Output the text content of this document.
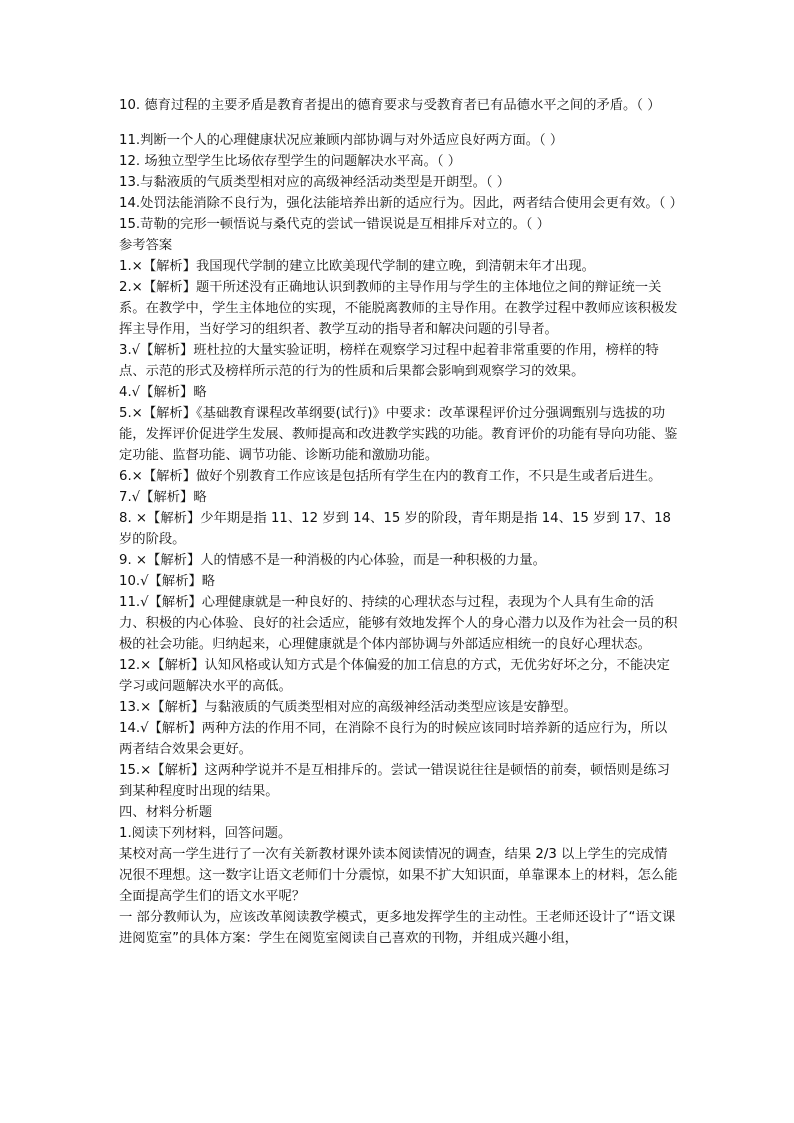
10. 德育过程的主要矛盾是教育者提出的德育要求与受教育者已有品德水平之间的矛盾。（ ）
11.判断一个人的心理健康状况应兼顾内部协调与对外适应良好两方面。（ ）
12. 场独立型学生比场依存型学生的问题解决水平高。（ ）
13.与黏液质的气质类型相对应的高级神经活动类型是开朗型。（ ）
14.处罚法能消除不良行为，强化法能培养出新的适应行为。因此，两者结合使用会更有效。（ ）
15.苛勒的完形一顿悟说与桑代克的尝试一错误说是互相排斥对立的。（ ）
参考答案
1.×【解析】我国现代学制的建立比欧美现代学制的建立晚，到清朝末年才出现。
2.×【解析】题干所述没有正确地认识到教师的主导作用与学生的主体地位之间的辩证统一关系。在教学中，学生主体地位的实现，不能脱离教师的主导作用。在教学过程中教师应该积极发挥主导作用，当好学习的组织者、教学互动的指导者和解决问题的引导者。
3.√【解析】班杜拉的大量实验证明，榜样在观察学习过程中起着非常重要的作用，榜样的特点、示范的形式及榜样所示范的行为的性质和后果都会影响到观察学习的效果。
4.√【解析】略
5.×【解析】《基础教育课程改革纲要(试行)》中要求：改革课程评价过分强调甄别与选拔的功能，发挥评价促进学生发展、教师提高和改进教学实践的功能。教育评价的功能有导向功能、鉴定功能、监督功能、调节功能、诊断功能和激励功能。
6.×【解析】做好个别教育工作应该是包括所有学生在内的教育工作，不只是生或者后进生。
7.√【解析】略
8. ×【解析】少年期是指 11、12 岁到 14、15 岁的阶段，青年期是指 14、15 岁到 17、18 岁的阶段。
9. ×【解析】人的情感不是一种消极的内心体验，而是一种积极的力量。
10.√【解析】略
11.√【解析】心理健康就是一种良好的、持续的心理状态与过程，表现为个人具有生命的活力、积极的内心体验、良好的社会适应，能够有效地发挥个人的身心潜力以及作为社会一员的积极的社会功能。归纳起来，心理健康就是个体内部协调与外部适应相统一的良好心理状态。
12.×【解析】认知风格或认知方式是个体偏爱的加工信息的方式，无优劣好坏之分，不能决定学习或问题解决水平的高低。
13.×【解析】与黏液质的气质类型相对应的高级神经活动类型应该是安静型。
14.√【解析】两种方法的作用不同，在消除不良行为的时候应该同时培养新的适应行为，所以两者结合效果会更好。
15.×【解析】这两种学说并不是互相排斥的。尝试一错误说往往是顿悟的前奏，顿悟则是练习到某种程度时出现的结果。
四、材料分析题
1.阅读下列材料，回答问题。
某校对高一学生进行了一次有关新教材课外读本阅读情况的调查，结果 2/3 以上学生的完成情况很不理想。这一数字让语文老师们十分震惊，如果不扩大知识面，单靠课本上的材料，怎么能全面提高学生们的语文水平呢？
一 部分教师认为，应该改革阅读教学模式，更多地发挥学生的主动性。王老师还设计了“语文课进阅览室”的具体方案：学生在阅览室阅读自己喜欢的刊物，并组成兴趣小组，
